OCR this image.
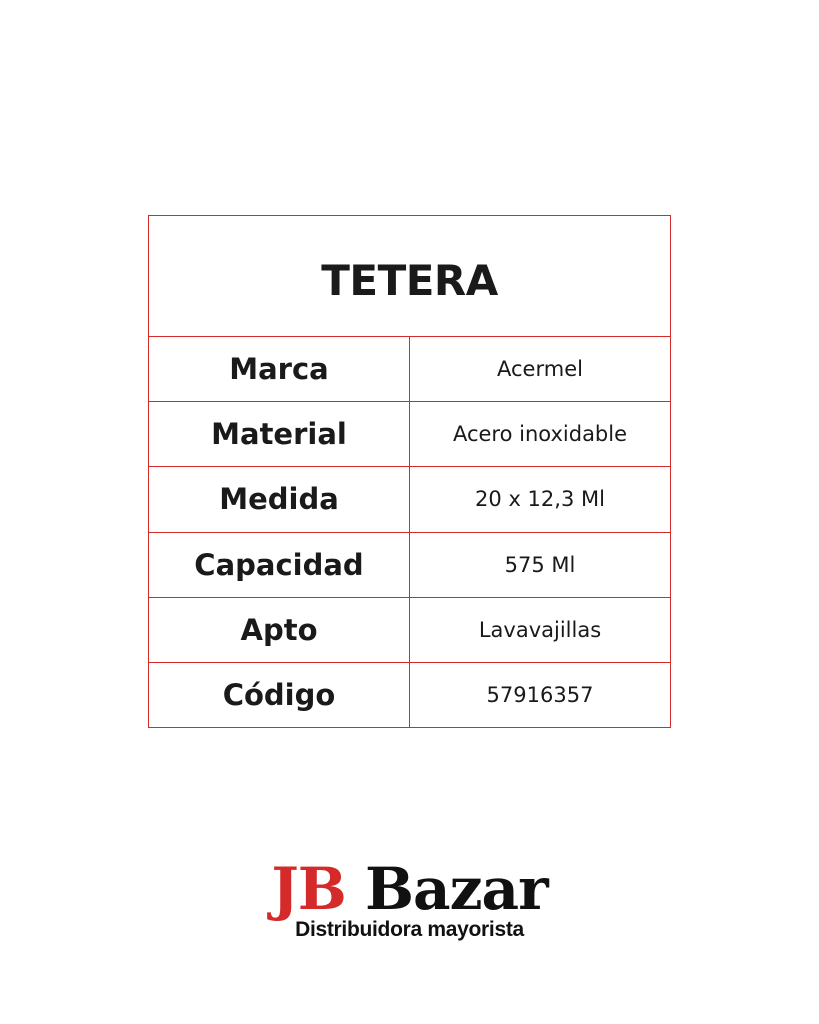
TETERA
Marca	Acermel
Material	Acero inoxidable
Medida	20 x 12,3 Ml
Capacidad	575 Ml
Apto	Lavavajillas
Código	57916357
JB Bazar
Distribuidora mayorista
